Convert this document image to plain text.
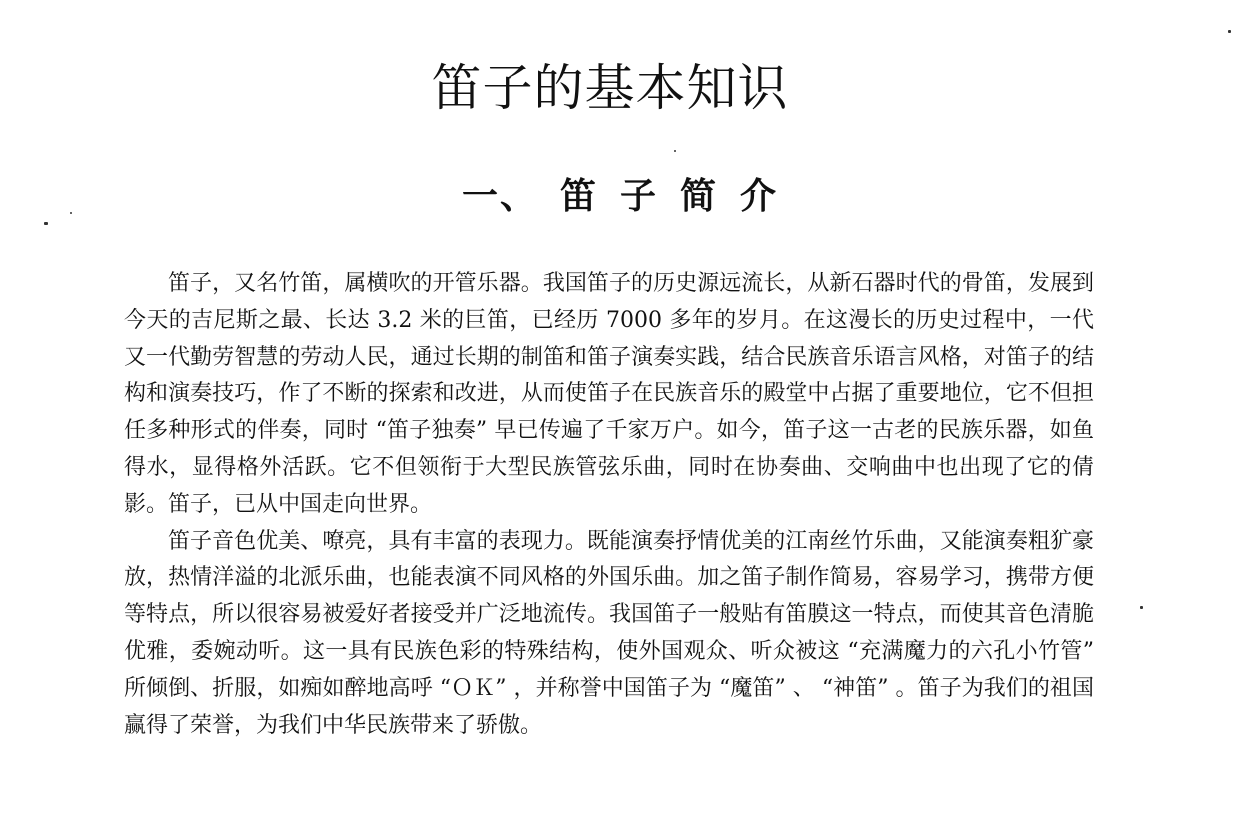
笛子的基本知识
一、 笛 子 简 介

笛子，又名竹笛，属横吹的开管乐器。我国笛子的历史源远流长，从新石器时代的骨笛，发展到今天的吉尼斯之最、长达 3.2 米的巨笛，已经历 7000 多年的岁月。在这漫长的历史过程中，一代又一代勤劳智慧的劳动人民，通过长期的制笛和笛子演奏实践，结合民族音乐语言风格，对笛子的结构和演奏技巧，作了不断的探索和改进，从而使笛子在民族音乐的殿堂中占据了重要地位，它不但担任多种形式的伴奏，同时 “笛子独奏” 早已传遍了千家万户。如今，笛子这一古老的民族乐器，如鱼得水，显得格外活跃。它不但领衔于大型民族管弦乐曲，同时在协奏曲、交响曲中也出现了它的倩影。笛子，已从中国走向世界。

笛子音色优美、嘹亮，具有丰富的表现力。既能演奏抒情优美的江南丝竹乐曲，又能演奏粗犷豪放，热情洋溢的北派乐曲，也能表演不同风格的外国乐曲。加之笛子制作简易，容易学习，携带方便等特点，所以很容易被爱好者接受并广泛地流传。我国笛子一般贴有笛膜这一特点，而使其音色清脆优雅，委婉动听。这一具有民族色彩的特殊结构，使外国观众、听众被这 “充满魔力的六孔小竹管” 所倾倒、折服，如痴如醉地高呼 “ＯＫ” ，并称誉中国笛子为 “魔笛” 、 “神笛” 。笛子为我们的祖国赢得了荣誉，为我们中华民族带来了骄傲。
